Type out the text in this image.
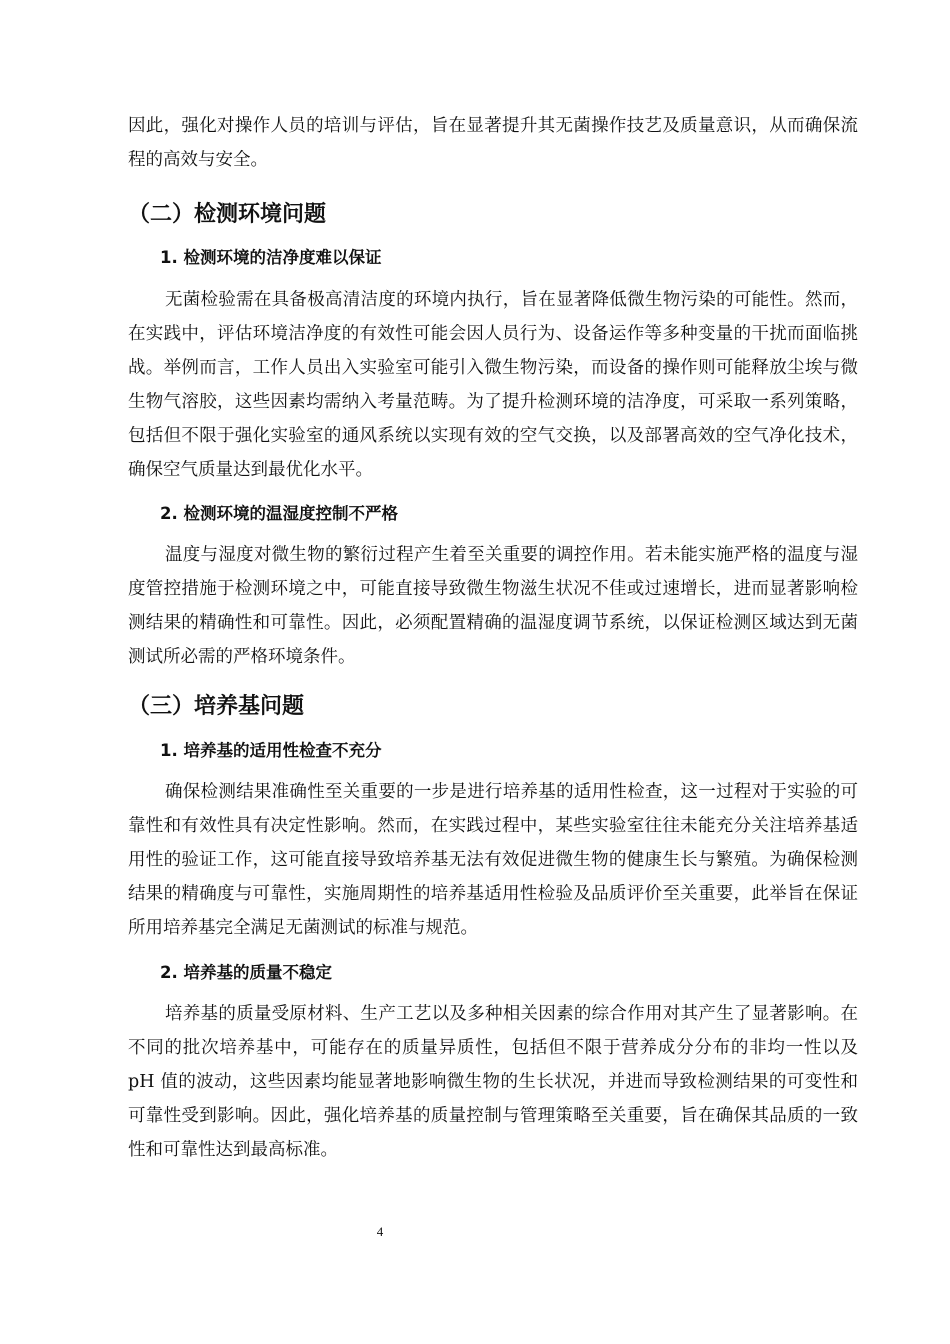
因此，强化对操作人员的培训与评估，旨在显著提升其无菌操作技艺及质量意识，从而确保流程的高效与安全。

（二）检测环境问题
1. 检测环境的洁净度难以保证

无菌检验需在具备极高清洁度的环境内执行，旨在显著降低微生物污染的可能性。然而，在实践中，评估环境洁净度的有效性可能会因人员行为、设备运作等多种变量的干扰而面临挑战。举例而言，工作人员出入实验室可能引入微生物污染，而设备的操作则可能释放尘埃与微生物气溶胶，这些因素均需纳入考量范畴。为了提升检测环境的洁净度，可采取一系列策略，包括但不限于强化实验室的通风系统以实现有效的空气交换，以及部署高效的空气净化技术，确保空气质量达到最优化水平。

2. 检测环境的温湿度控制不严格

温度与湿度对微生物的繁衍过程产生着至关重要的调控作用。若未能实施严格的温度与湿度管控措施于检测环境之中，可能直接导致微生物滋生状况不佳或过速增长，进而显著影响检测结果的精确性和可靠性。因此，必须配置精确的温湿度调节系统，以保证检测区域达到无菌测试所必需的严格环境条件。

（三）培养基问题
1. 培养基的适用性检查不充分

确保检测结果准确性至关重要的一步是进行培养基的适用性检查，这一过程对于实验的可靠性和有效性具有决定性影响。然而，在实践过程中，某些实验室往往未能充分关注培养基适用性的验证工作，这可能直接导致培养基无法有效促进微生物的健康生长与繁殖。为确保检测结果的精确度与可靠性，实施周期性的培养基适用性检验及品质评价至关重要，此举旨在保证所用培养基完全满足无菌测试的标准与规范。

2. 培养基的质量不稳定

培养基的质量受原材料、生产工艺以及多种相关因素的综合作用对其产生了显著影响。在不同的批次培养基中，可能存在的质量异质性，包括但不限于营养成分分布的非均一性以及 pH 值的波动，这些因素均能显著地影响微生物的生长状况，并进而导致检测结果的可变性和可靠性受到影响。因此，强化培养基的质量控制与管理策略至关重要，旨在确保其品质的一致性和可靠性达到最高标准。

4
